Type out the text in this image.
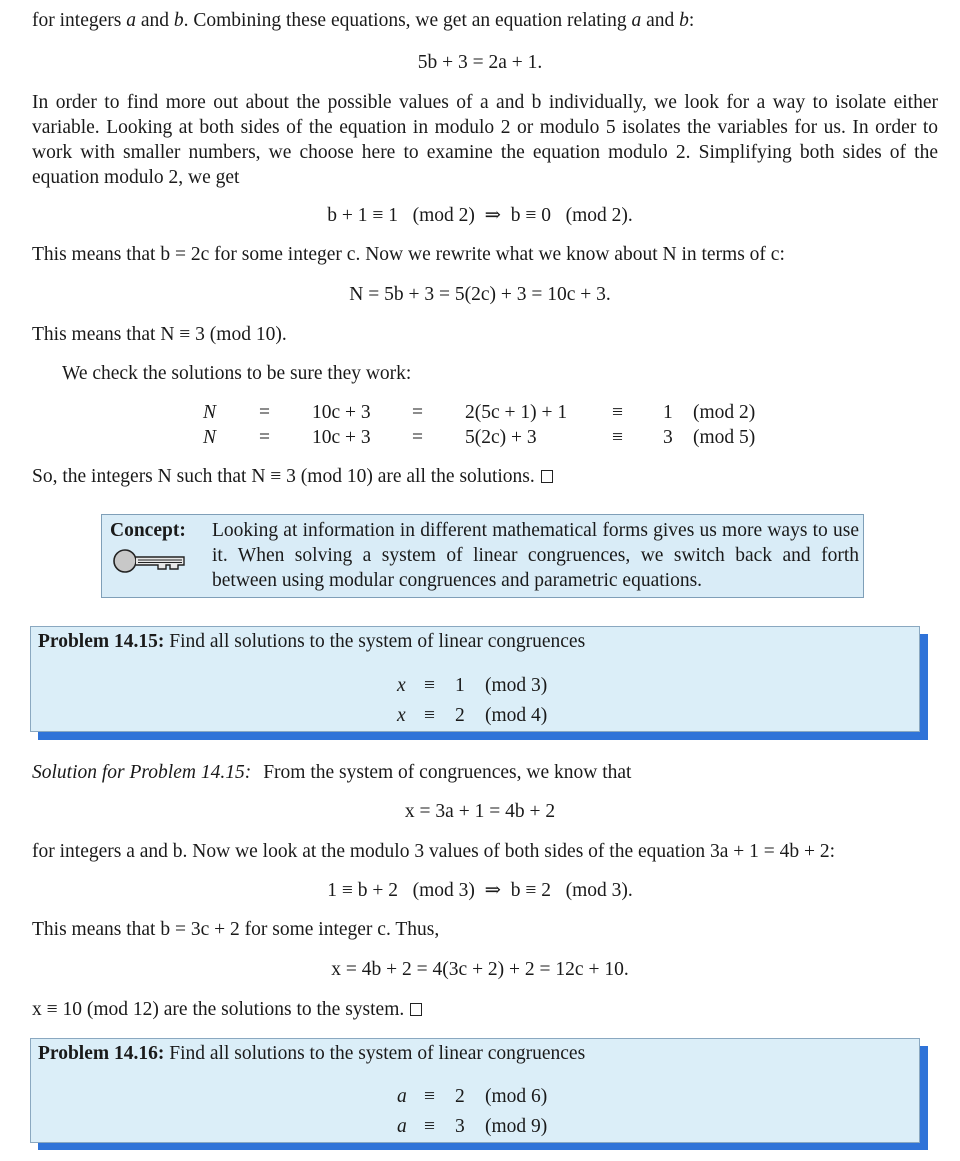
for integers a and b. Combining these equations, we get an equation relating a and b:
5b + 3 = 2a + 1.
In order to find more out about the possible values of a and b individually, we look for a way to isolate either variable. Looking at both sides of the equation in modulo 2 or modulo 5 isolates the variables for us. In order to work with smaller numbers, we choose here to examine the equation modulo 2. Simplifying both sides of the equation modulo 2, we get
b + 1 ≡ 1   (mod 2)  ⇒  b ≡ 0   (mod 2).
This means that b = 2c for some integer c. Now we rewrite what we know about N in terms of c:
N = 5b + 3 = 5(2c) + 3 = 10c + 3.
This means that N ≡ 3 (mod 10).
We check the solutions to be sure they work:
N = 10c + 3 = 2(5c + 1) + 1 ≡ 1 (mod 2)
N = 10c + 3 = 5(2c) + 3	≡ 3 (mod 5)
So, the integers N such that N ≡ 3 (mod 10) are all the solutions.
Concept: Looking at information in different mathematical forms gives us more ways to use it. When solving a system of linear congruences, we switch back and forth between using modular congruences and parametric equations.
Problem 14.15: Find all solutions to the system of linear congruences
x ≡ 1 (mod 3)
x ≡ 2 (mod 4)
Solution for Problem 14.15: From the system of congruences, we know that
x = 3a + 1 = 4b + 2
for integers a and b. Now we look at the modulo 3 values of both sides of the equation 3a + 1 = 4b + 2:
1 ≡ b + 2   (mod 3)  ⇒  b ≡ 2   (mod 3).
This means that b = 3c + 2 for some integer c. Thus,
x = 4b + 2 = 4(3c + 2) + 2 = 12c + 10.
x ≡ 10 (mod 12) are the solutions to the system.
Problem 14.16: Find all solutions to the system of linear congruences
a ≡ 2 (mod 6)
a ≡ 3 (mod 9)
